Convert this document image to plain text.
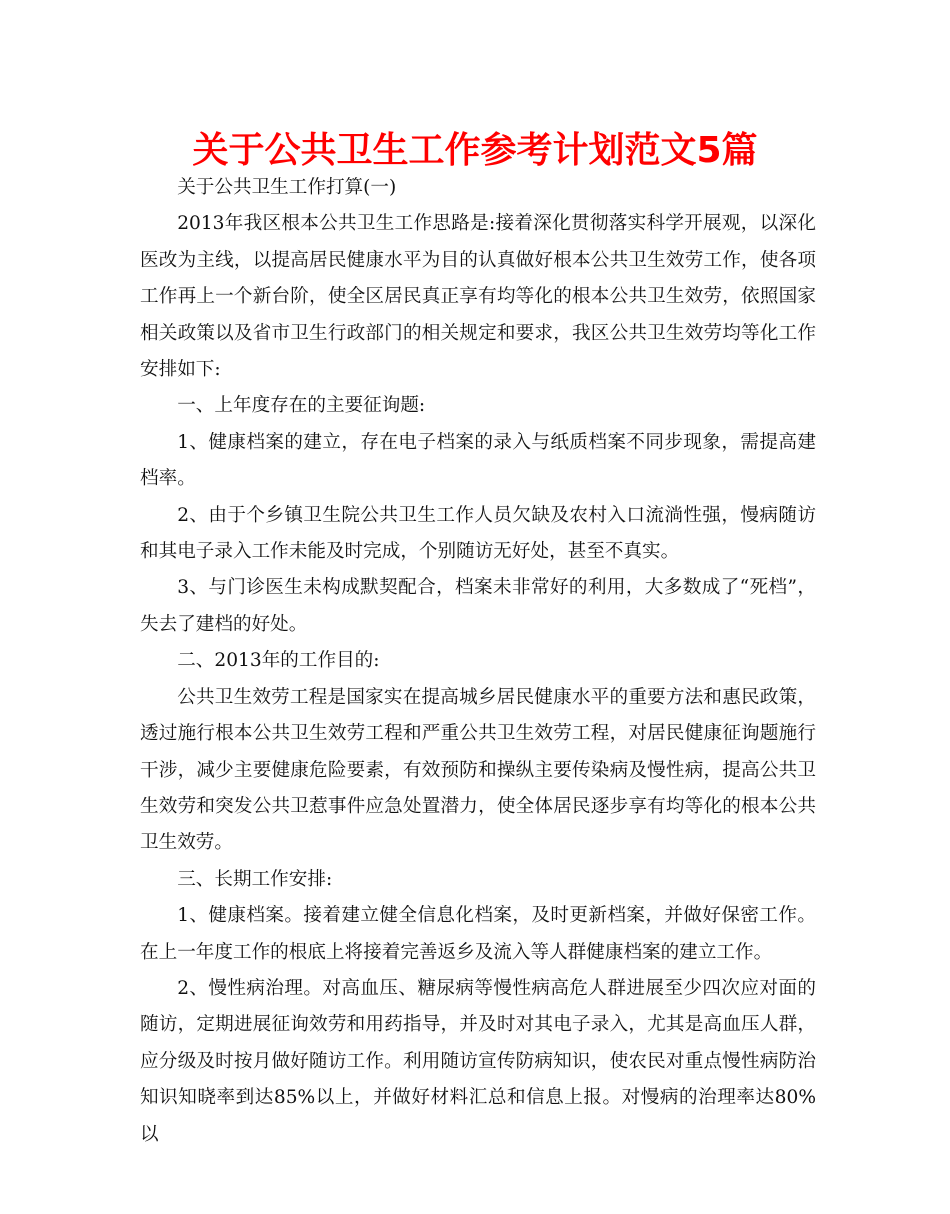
关于公共卫生工作参考计划范文5篇

关于公共卫生工作打算(一)

2013年我区根本公共卫生工作思路是:接着深化贯彻落实科学开展观，以深化医改为主线，以提高居民健康水平为目的认真做好根本公共卫生效劳工作，使各项工作再上一个新台阶，使全区居民真正享有均等化的根本公共卫生效劳，依照国家相关政策以及省市卫生行政部门的相关规定和要求，我区公共卫生效劳均等化工作安排如下:

一、上年度存在的主要征询题:

1、健康档案的建立，存在电子档案的录入与纸质档案不同步现象，需提高建档率。

2、由于个乡镇卫生院公共卫生工作人员欠缺及农村入口流淌性强，慢病随访和其电子录入工作未能及时完成，个别随访无好处，甚至不真实。

3、与门诊医生未构成默契配合，档案未非常好的利用，大多数成了“死档”，失去了建档的好处。

二、2013年的工作目的:

公共卫生效劳工程是国家实在提高城乡居民健康水平的重要方法和惠民政策，透过施行根本公共卫生效劳工程和严重公共卫生效劳工程，对居民健康征询题施行干涉，减少主要健康危险要素，有效预防和操纵主要传染病及慢性病，提高公共卫生效劳和突发公共卫惹事件应急处置潜力，使全体居民逐步享有均等化的根本公共卫生效劳。

三、长期工作安排:

1、健康档案。接着建立健全信息化档案，及时更新档案，并做好保密工作。在上一年度工作的根底上将接着完善返乡及流入等人群健康档案的建立工作。

2、慢性病治理。对高血压、糖尿病等慢性病高危人群进展至少四次应对面的随访，定期进展征询效劳和用药指导，并及时对其电子录入，尤其是高血压人群，应分级及时按月做好随访工作。利用随访宣传防病知识，使农民对重点慢性病防治知识知晓率到达85%以上，并做好材料汇总和信息上报。对慢病的治理率达80%以
